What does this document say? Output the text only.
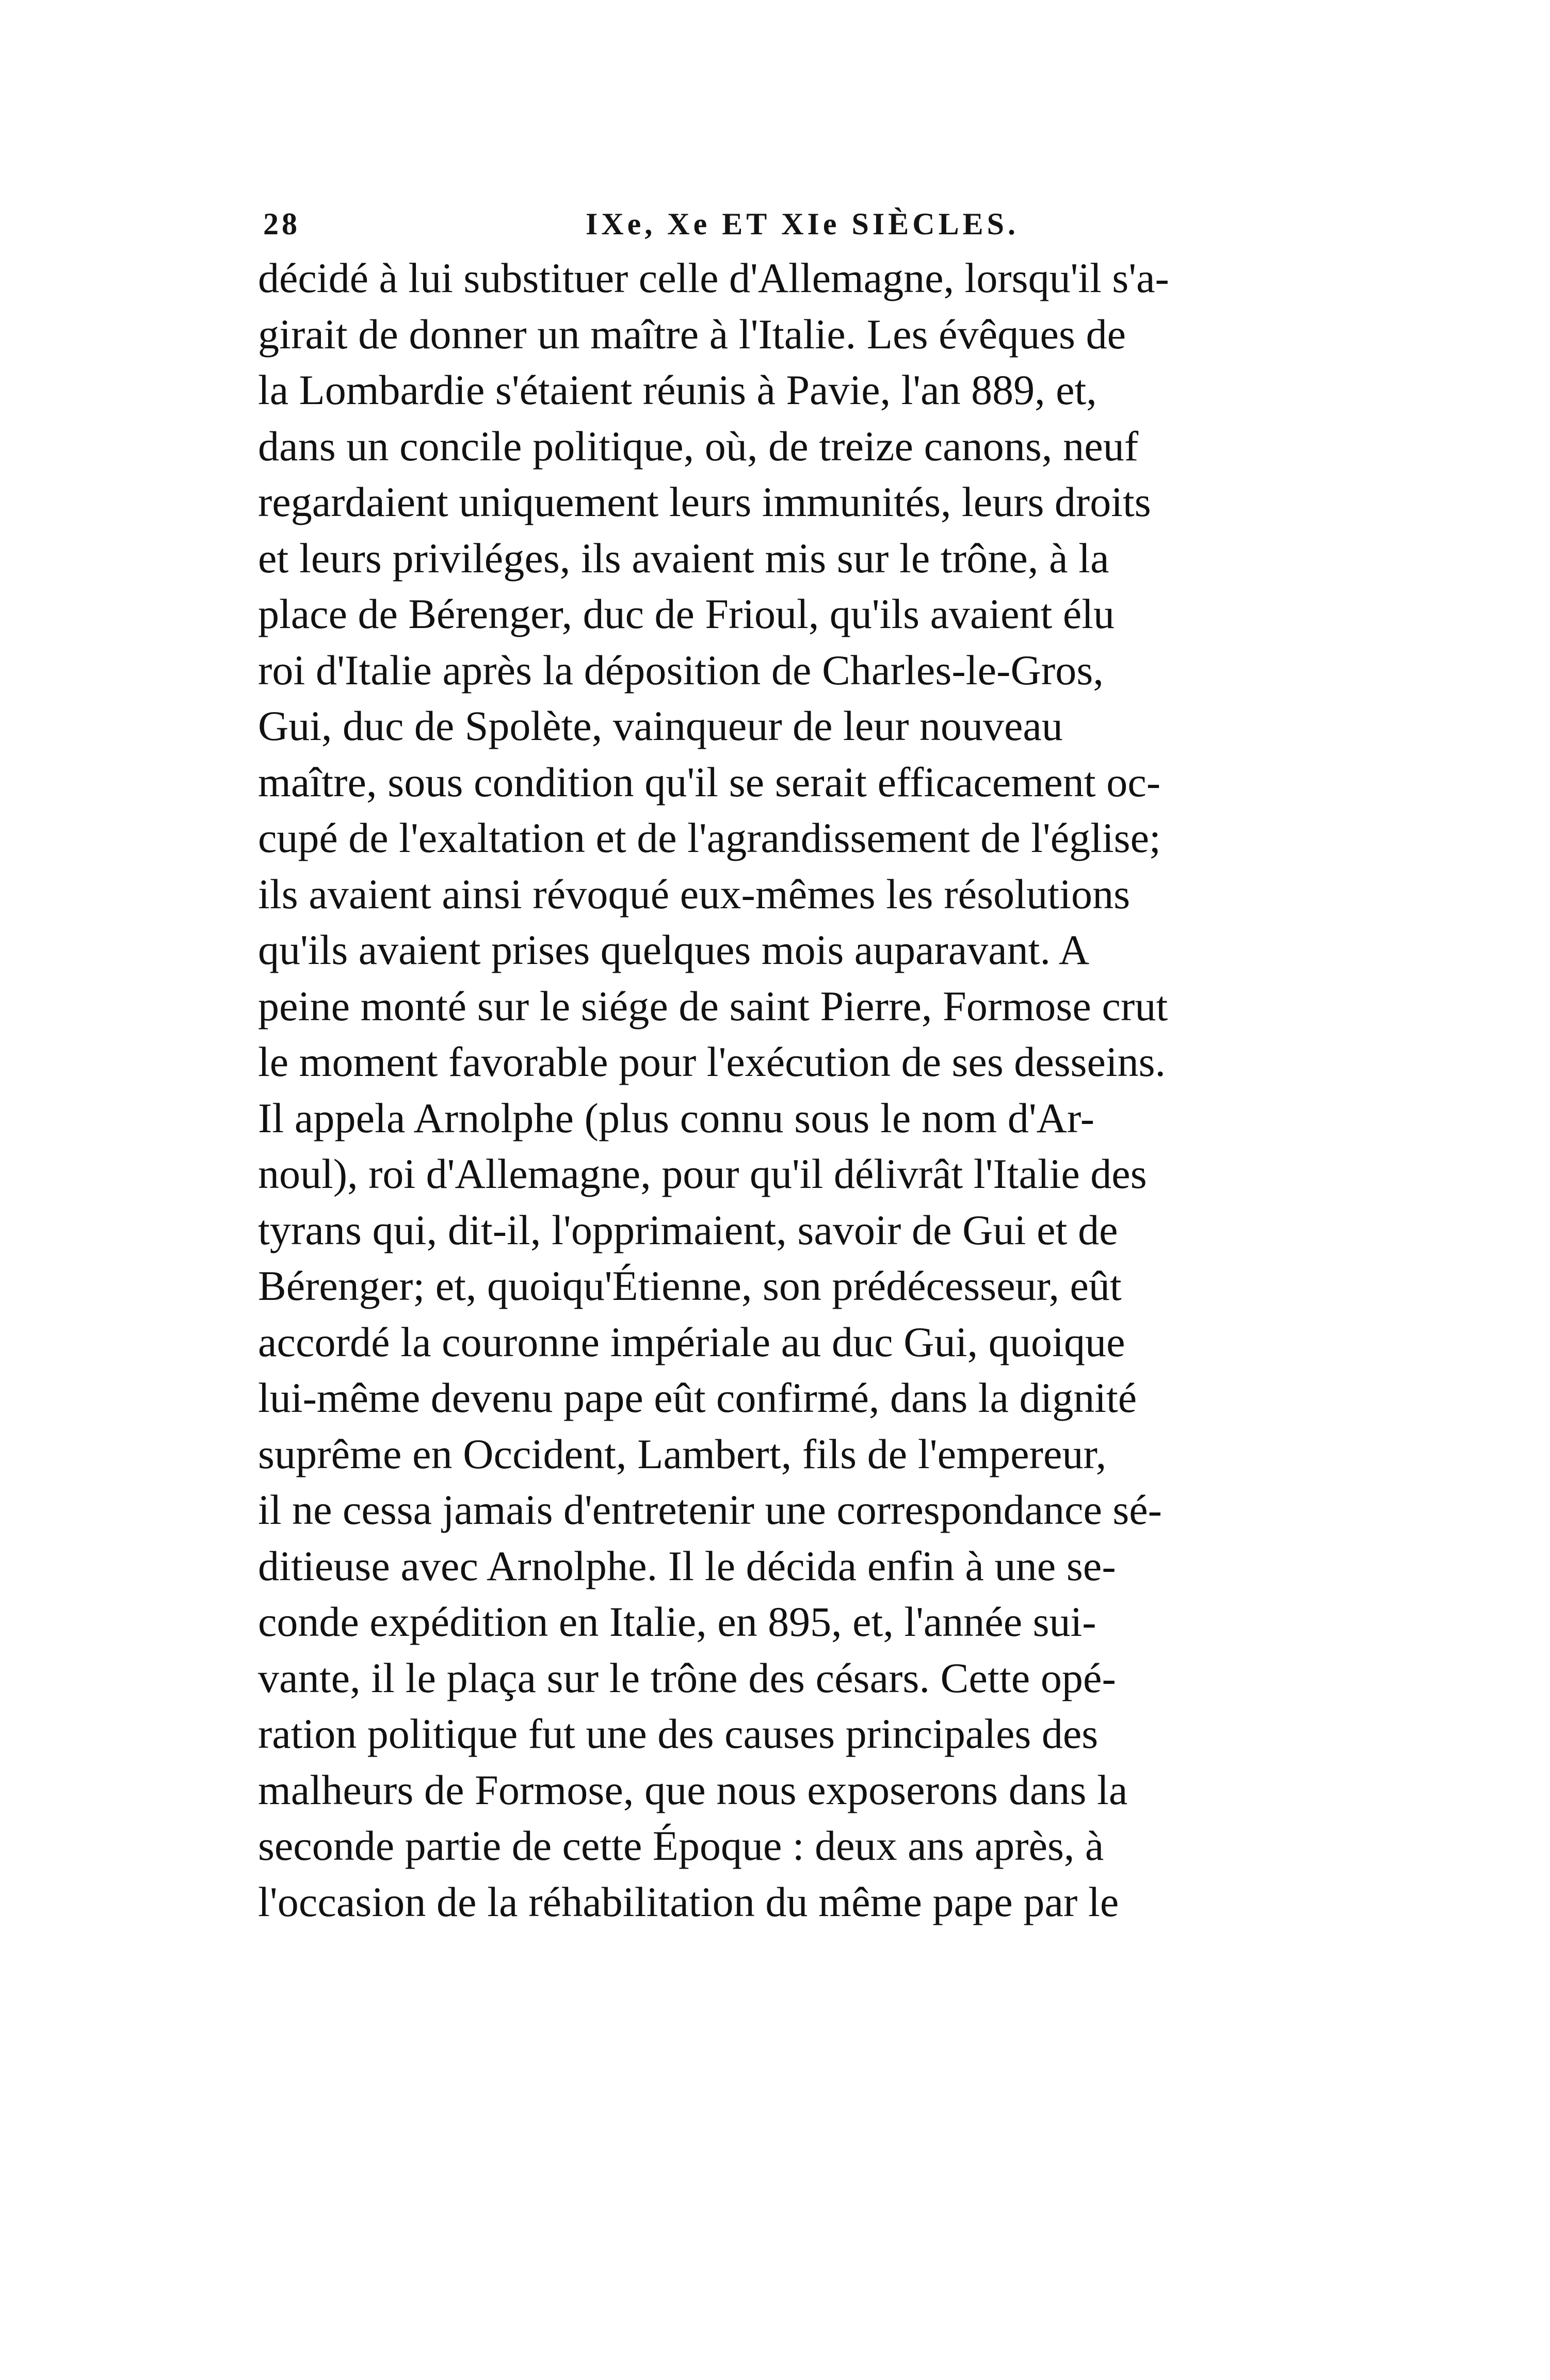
28	IXe, Xe ET XIe SIÈCLES.
décidé à lui substituer celle d'Allemagne, lorsqu'il s'a-
girait de donner un maître à l'Italie. Les évêques de
la Lombardie s'étaient réunis à Pavie, l'an 889, et,
dans un concile politique, où, de treize canons, neuf
regardaient uniquement leurs immunités, leurs droits
et leurs priviléges, ils avaient mis sur le trône, à la
place de Bérenger, duc de Frioul, qu'ils avaient élu
roi d'Italie après la déposition de Charles-le-Gros,
Gui, duc de Spolète, vainqueur de leur nouveau
maître, sous condition qu'il se serait efficacement oc-
cupé de l'exaltation et de l'agrandissement de l'église;
ils avaient ainsi révoqué eux-mêmes les résolutions
qu'ils avaient prises quelques mois auparavant. A
peine monté sur le siége de saint Pierre, Formose crut
le moment favorable pour l'exécution de ses desseins.
Il appela Arnolphe (plus connu sous le nom d'Ar-
noul), roi d'Allemagne, pour qu'il délivrât l'Italie des
tyrans qui, dit-il, l'opprimaient, savoir de Gui et de
Bérenger; et, quoiqu'Étienne, son prédécesseur, eût
accordé la couronne impériale au duc Gui, quoique
lui-même devenu pape eût confirmé, dans la dignité
suprême en Occident, Lambert, fils de l'empereur,
il ne cessa jamais d'entretenir une correspondance sé-
ditieuse avec Arnolphe. Il le décida enfin à une se-
conde expédition en Italie, en 895, et, l'année sui-
vante, il le plaça sur le trône des césars. Cette opé-
ration politique fut une des causes principales des
malheurs de Formose, que nous exposerons dans la
seconde partie de cette Époque : deux ans après, à
l'occasion de la réhabilitation du même pape par le
